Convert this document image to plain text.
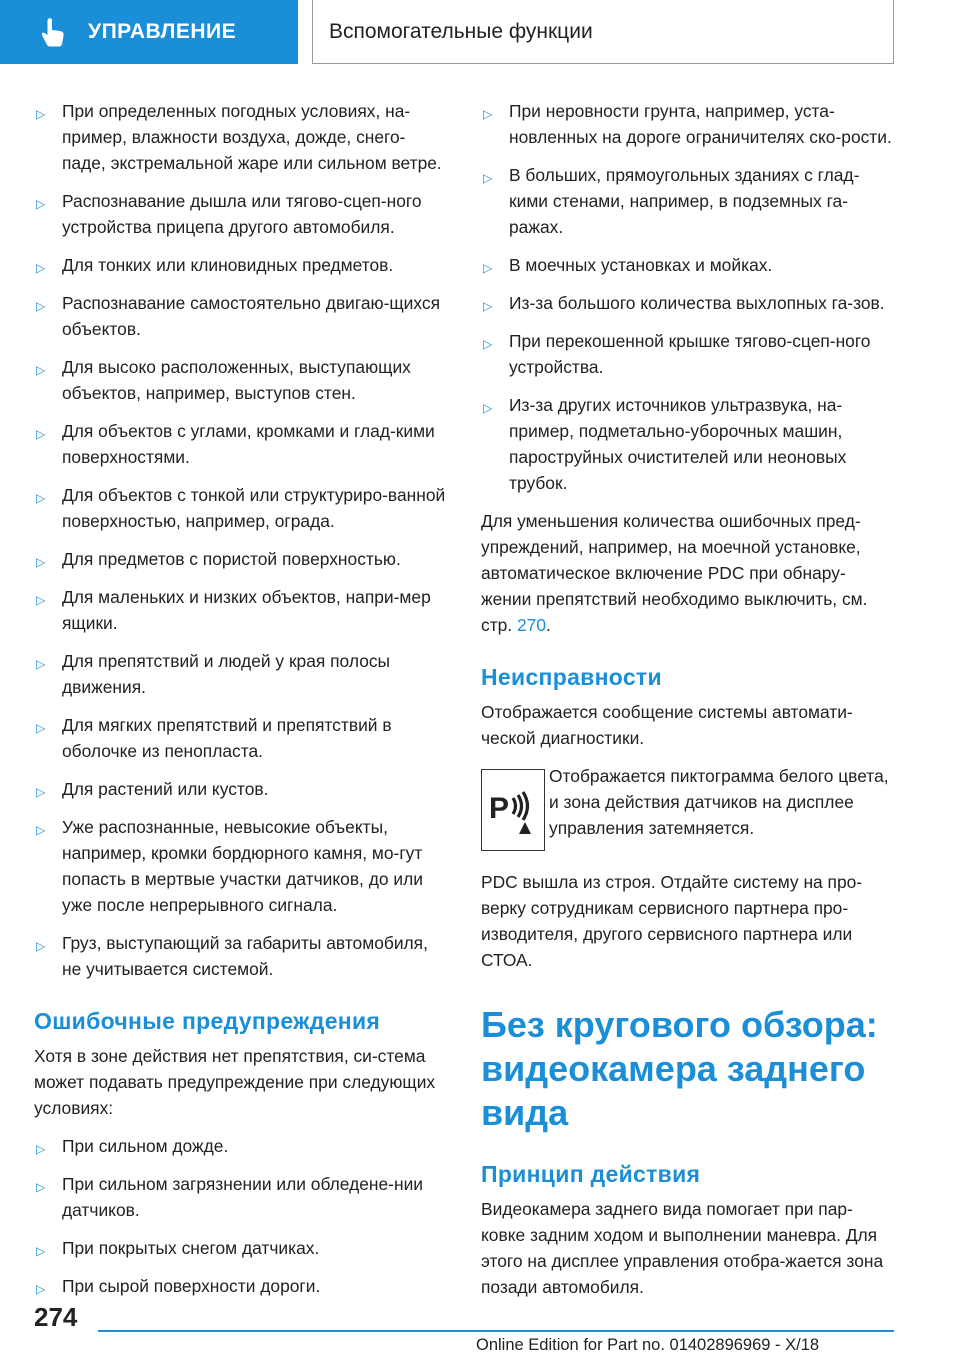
УПРАВЛЕНИЕ	Вспомогательные функции
▷ При определенных погодных условиях, на-пример, влажности воздуха, дожде, снего-паде, экстремальной жаре или сильном ветре.
▷ Распознавание дышла или тягово-сцеп-ного устройства прицепа другого автомобиля.
▷ Для тонких или клиновидных предметов.
▷ Распознавание самостоятельно двигаю-щихся объектов.
▷ Для высоко расположенных, выступающих объектов, например, выступов стен.
▷ Для объектов с углами, кромками и глад-кими поверхностями.
▷ Для объектов с тонкой или структуриро-ванной поверхностью, например, ограда.
▷ Для предметов с пористой поверхностью.
▷ Для маленьких и низких объектов, напри-мер ящики.
▷ Для препятствий и людей у края полосы движения.
▷ Для мягких препятствий и препятствий в оболочке из пенопласта.
▷ Для растений или кустов.
▷ Уже распознанные, невысокие объекты, например, кромки бордюрного камня, мо-гут попасть в мертвые участки датчиков, до или уже после непрерывного сигнала.
▷ Груз, выступающий за габариты автомобиля, не учитывается системой.
Ошибочные предупреждения

Хотя в зоне действия нет препятствия, си-стема может подавать предупреждение при следующих условиях:

▷ При сильном дожде.
▷ При сильном загрязнении или обледене-нии датчиков.
▷ При покрытых снегом датчиках.
▷ При сырой поверхности дороги.
▷ При неровности грунта, например, уста-новленных на дороге ограничителях ско-рости.
▷ В больших, прямоугольных зданиях с глад-кими стенами, например, в подземных га-ражах.
▷ В моечных установках и мойках.
▷ Из-за большого количества выхлопных га-зов.
▷ При перекошенной крышке тягово-сцеп-ного устройства.
▷ Из-за других источников ультразвука, на-пример, подметально-уборочных машин, пароструйных очистителей или неоновых трубок.

Для уменьшения количества ошибочных пред-упреждений, например, на моечной установке, автоматическое включение PDC при обнару-жении препятствий необходимо выключить, см. стр. 270.

Неисправности

Отображается сообщение системы автомати-ческой диагностики.

P
Отображается пиктограмма белого цвета, и зона действия датчиков на дисплее управления затемняется.

PDC вышла из строя. Отдайте систему на про-верку сотрудникам сервисного партнера про-изводителя, другого сервисного партнера или СТОА.

Без кругового обзора: видеокамера заднего вида
Принцип действия

Видеокамера заднего вида помогает при пар-ковке задним ходом и выполнении маневра. Для этого на дисплее управления отобра-жается зона позади автомобиля.

274
Online Edition for Part no. 01402896969 - X/18
